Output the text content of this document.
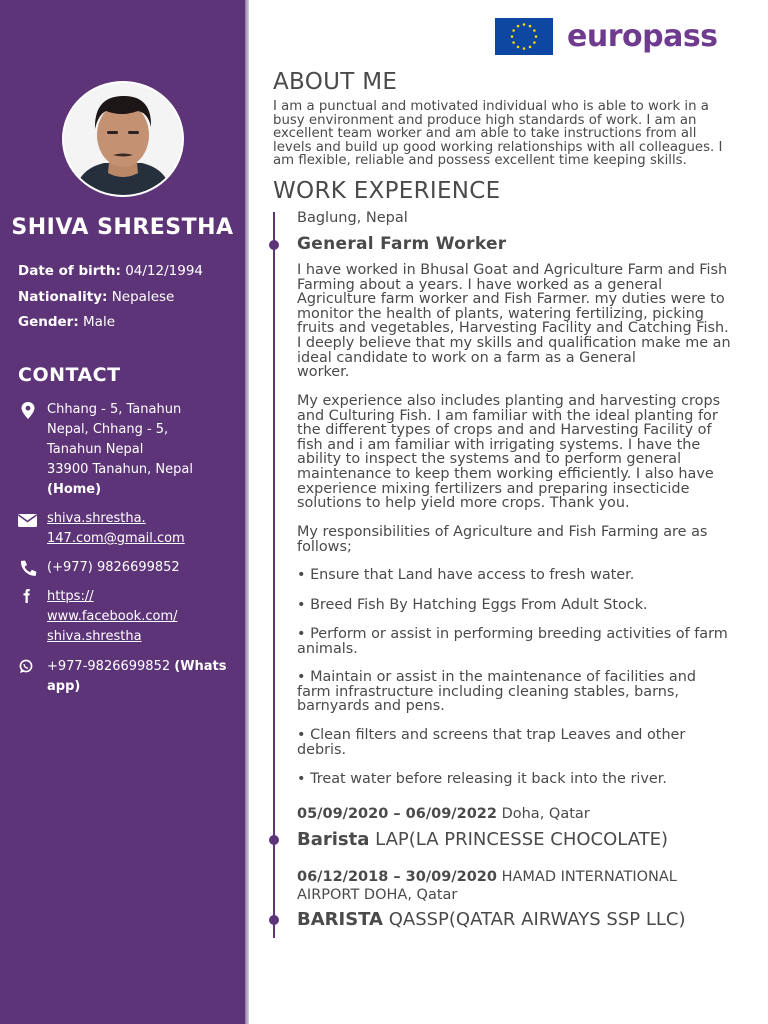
SHIVA SHRESTHA
Date of birth: 04/12/1994
Nationality: Nepalese
Gender: Male
CONTACT
Chhang - 5, Tanahun
Nepal, Chhang - 5,
Tanahun Nepal
33900 Tanahun, Nepal
(Home)
shiva.shrestha.
147.com@gmail.com
(+977) 9826699852
https://
www.facebook.com/
shiva.shrestha
+977-9826699852 (Whats app)
europass
ABOUT ME
I am a punctual and motivated individual who is able to work in a
busy environment and produce high standards of work. I am an
excellent team worker and am able to take instructions from all
levels and build up good working relationships with all colleagues. I
am flexible, reliable and possess excellent time keeping skills.
WORK EXPERIENCE
Baglung, Nepal
General Farm Worker
I have worked in Bhusal Goat and Agriculture Farm and Fish
Farming about a years. I have worked as a general
Agriculture farm worker and Fish Farmer. my duties were to
monitor the health of plants, watering fertilizing, picking
fruits and vegetables, Harvesting Facility and Catching Fish.
I deeply believe that my skills and qualification make me an
ideal candidate to work on a farm as a General
worker.
My experience also includes planting and harvesting crops
and Culturing Fish. I am familiar with the ideal planting for
the different types of crops and and Harvesting Facility of
fish and i am familiar with irrigating systems. I have the
ability to inspect the systems and to perform general
maintenance to keep them working efficiently. I also have
experience mixing fertilizers and preparing insecticide
solutions to help yield more crops. Thank you.
My responsibilities of Agriculture and Fish Farming are as
follows;
• Ensure that Land have access to fresh water.
• Breed Fish By Hatching Eggs From Adult Stock.
• Perform or assist in performing breeding activities of farm
animals.
• Maintain or assist in the maintenance of facilities and
farm infrastructure including cleaning stables, barns,
barnyards and pens.
• Clean filters and screens that trap Leaves and other
debris.
• Treat water before releasing it back into the river.
05/09/2020 – 06/09/2022 Doha, Qatar
Barista LAP(LA PRINCESSE CHOCOLATE)
06/12/2018 – 30/09/2020 HAMAD INTERNATIONAL
AIRPORT DOHA, Qatar
BARISTA QASSP(QATAR AIRWAYS SSP LLC)
